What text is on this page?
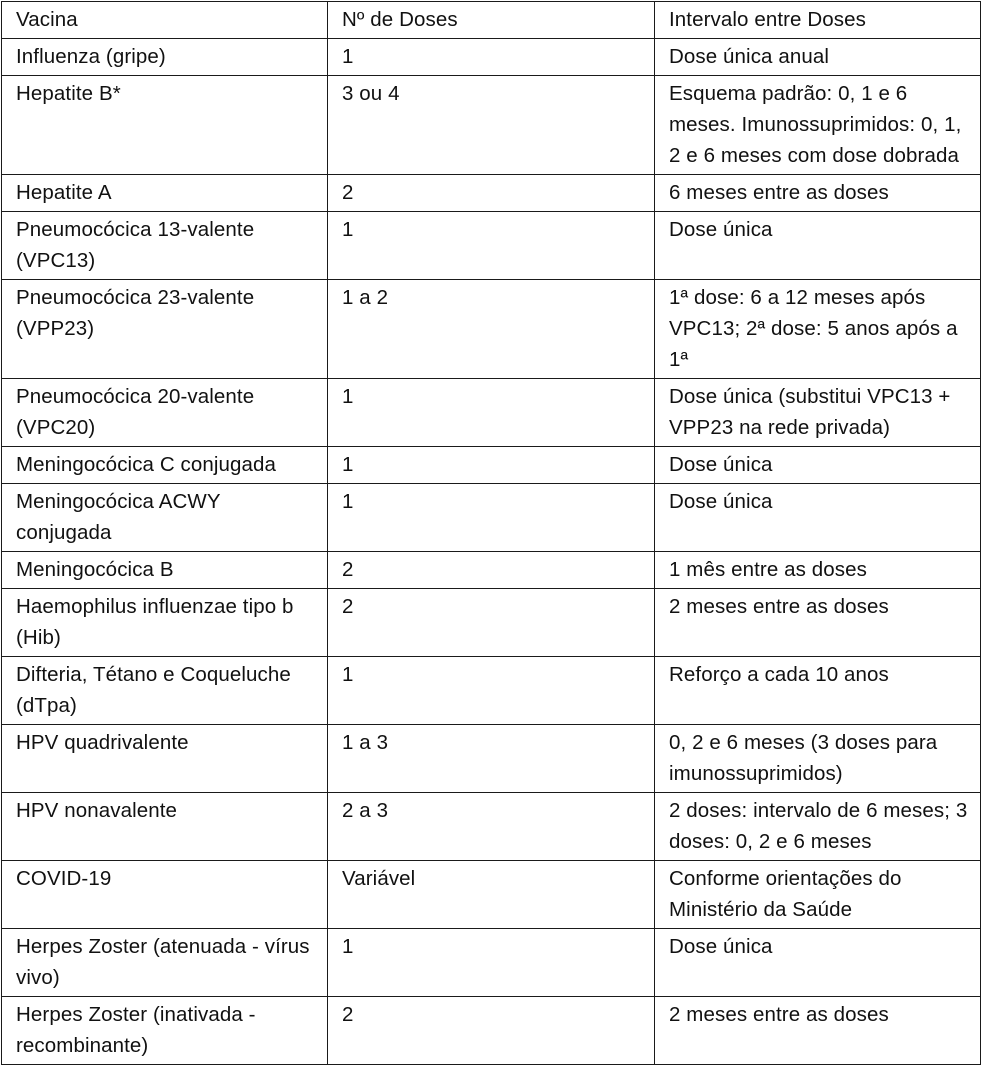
Vacina	Nº de Doses	Intervalo entre Doses
Influenza (gripe)	1	Dose única anual
Hepatite B*	3 ou 4	Esquema padrão: 0, 1 e 6 meses. Imunossuprimidos: 0, 1, 2 e 6 meses com dose dobrada
Hepatite A	2	6 meses entre as doses
Pneumocócica 13-valente (VPC13)	1	Dose única
Pneumocócica 23-valente (VPP23)	1 a 2	1ª dose: 6 a 12 meses após VPC13; 2ª dose: 5 anos após a 1ª
Pneumocócica 20-valente (VPC20)	1	Dose única (substitui VPC13 + VPP23 na rede privada)
Meningocócica C conjugada	1	Dose única
Meningocócica ACWY conjugada	1	Dose única
Meningocócica B	2	1 mês entre as doses
Haemophilus influenzae tipo b (Hib)	2	2 meses entre as doses
Difteria, Tétano e Coqueluche (dTpa)	1	Reforço a cada 10 anos
HPV quadrivalente	1 a 3	0, 2 e 6 meses (3 doses para imunossuprimidos)
HPV nonavalente	2 a 3	2 doses: intervalo de 6 meses; 3 doses: 0, 2 e 6 meses
COVID-19	Variável	Conforme orientações do Ministério da Saúde
Herpes Zoster (atenuada - vírus vivo)	1	Dose única
Herpes Zoster (inativada - recombinante)	2	2 meses entre as doses
